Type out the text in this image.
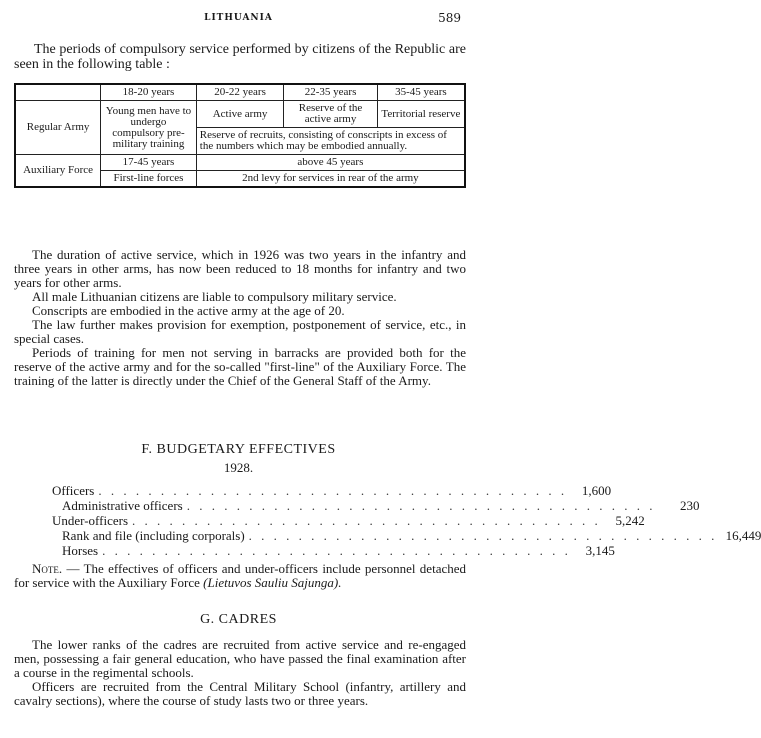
LITHUANIA	589

The periods of compulsory service performed by citizens of the Republic are seen in the following table :

	18-20 years	20-22 years	22-35 years	35-45 years
Regular Army	Young men have to undergo compulsory pre-military training	Active army	Reserve of the active army	Territorial reserve
		Reserve of recruits, consisting of conscripts in excess of the numbers which may be embodied annually.		
Auxiliary Force	17-45 years	above 45 years		
	First-line forces	2nd levy for services in rear of the army		

The duration of active service, which in 1926 was two years in the infantry and three years in other arms, has now been reduced to 18 months for infantry and two years for other arms.

All male Lithuanian citizens are liable to compulsory military service.

Conscripts are embodied in the active army at the age of 20.

The law further makes provision for exemption, postponement of service, etc., in special cases.

Periods of training for men not serving in barracks are provided both for the reserve of the active army and for the so-called "first-line" of the Auxiliary Force. The training of the latter is directly under the Chief of the General Staff of the Army.

F. BUDGETARY EFFECTIVES
1928.
Officers . . . . . . . . . . . . . . . . . . . . . . . . . . . . . . . . . . . . . .	1,600
Administrative officers . . . . . . . . . . . . . . . . . . . . . . . . . . . . . . . . . . . . . .	230
Under-officers . . . . . . . . . . . . . . . . . . . . . . . . . . . . . . . . . . . . . .	5,242
Rank and file (including corporals) . . . . . . . . . . . . . . . . . . . . . . . . . . . . . . . . . . . . . . 16,449
Horses . . . . . . . . . . . . . . . . . . . . . . . . . . . . . . . . . . . . . .	3,145

Note. — The effectives of officers and under-officers include personnel detached for service with the Auxiliary Force (Lietuvos Sauliu Sajunga).

G. CADRES

The lower ranks of the cadres are recruited from active service and re-engaged men, possessing a fair general education, who have passed the final examination after a course in the regimental schools.

Officers are recruited from the Central Military School (infantry, artillery and cavalry sections), where the course of study lasts two or three years.
